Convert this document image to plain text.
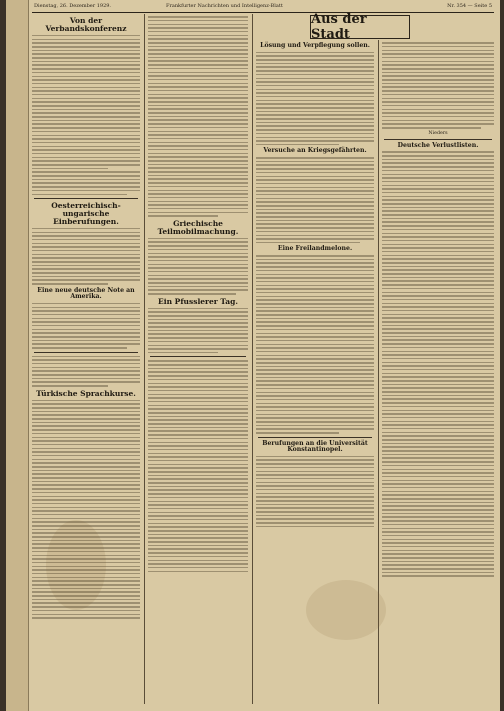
Dienstag, 26. Dezember 1929.	Frankfurter Nachrichten und Intelligenz-Blatt	Nr. 354 — Seite 5
Aus der Stadt
Von der Verbandskonferenz
Oesterreichisch-ungarische Einberufungen.
Eine neue deutsche Note an Amerika.
Türkische Sprachkurse.
Griechische Teilmobilmachung.
Ein Pfusslerer Tag.
Lösung und Verpflegung sollen.
Versuche an Kriegsgefährten.
Eine Freilandmelone.
Berufungen an die Universität Konstantinopel.
Nieders
Deutsche Verlustlisten.
